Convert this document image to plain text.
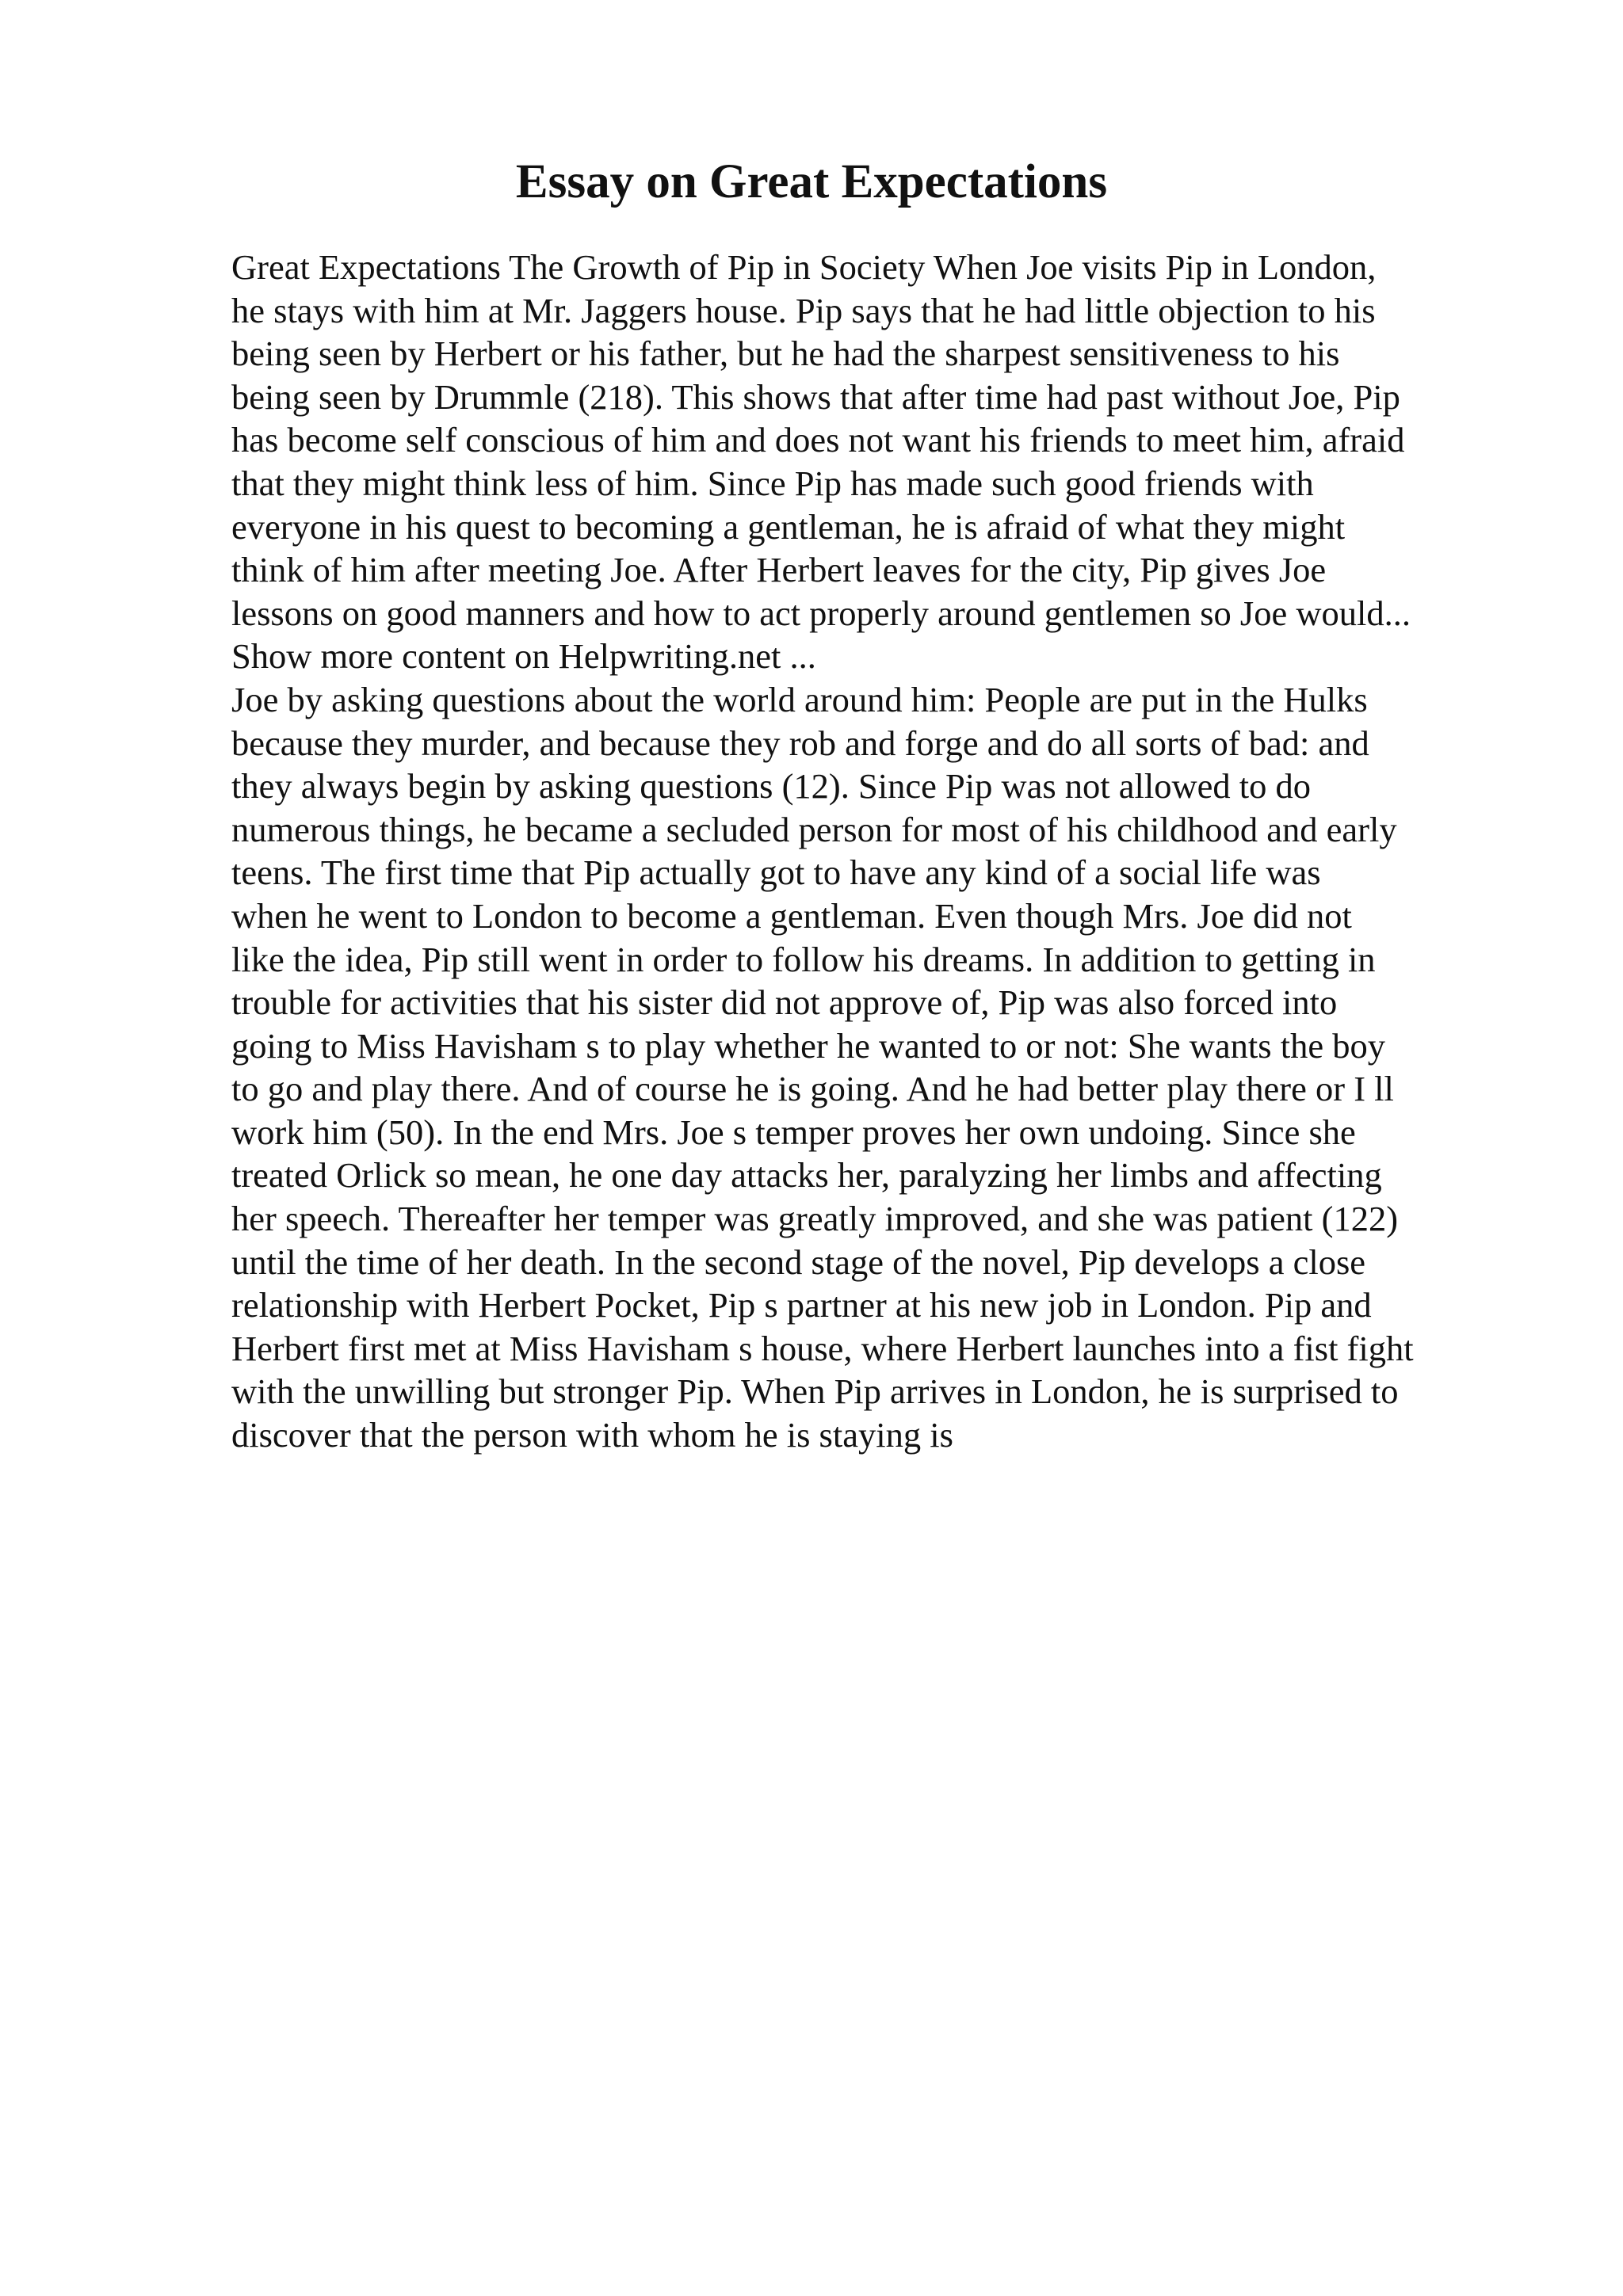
Essay on Great Expectations
Great Expectations The Growth of Pip in Society When Joe visits Pip in London,
he stays with him at Mr. Jaggers house. Pip says that he had little objection to his
being seen by Herbert or his father, but he had the sharpest sensitiveness to his
being seen by Drummle (218). This shows that after time had past without Joe, Pip
has become self conscious of him and does not want his friends to meet him, afraid
that they might think less of him. Since Pip has made such good friends with
everyone in his quest to becoming a gentleman, he is afraid of what they might
think of him after meeting Joe. After Herbert leaves for the city, Pip gives Joe
lessons on good manners and how to act properly around gentlemen so Joe would...
Show more content on Helpwriting.net ...
Joe by asking questions about the world around him: People are put in the Hulks
because they murder, and because they rob and forge and do all sorts of bad: and
they always begin by asking questions (12). Since Pip was not allowed to do
numerous things, he became a secluded person for most of his childhood and early
teens. The first time that Pip actually got to have any kind of a social life was
when he went to London to become a gentleman. Even though Mrs. Joe did not
like the idea, Pip still went in order to follow his dreams. In addition to getting in
trouble for activities that his sister did not approve of, Pip was also forced into
going to Miss Havisham s to play whether he wanted to or not: She wants the boy
to go and play there. And of course he is going. And he had better play there or I ll
work him (50). In the end Mrs. Joe s temper proves her own undoing. Since she
treated Orlick so mean, he one day attacks her, paralyzing her limbs and affecting
her speech. Thereafter her temper was greatly improved, and she was patient (122)
until the time of her death. In the second stage of the novel, Pip develops a close
relationship with Herbert Pocket, Pip s partner at his new job in London. Pip and
Herbert first met at Miss Havisham s house, where Herbert launches into a fist fight
with the unwilling but stronger Pip. When Pip arrives in London, he is surprised to
discover that the person with whom he is staying is
